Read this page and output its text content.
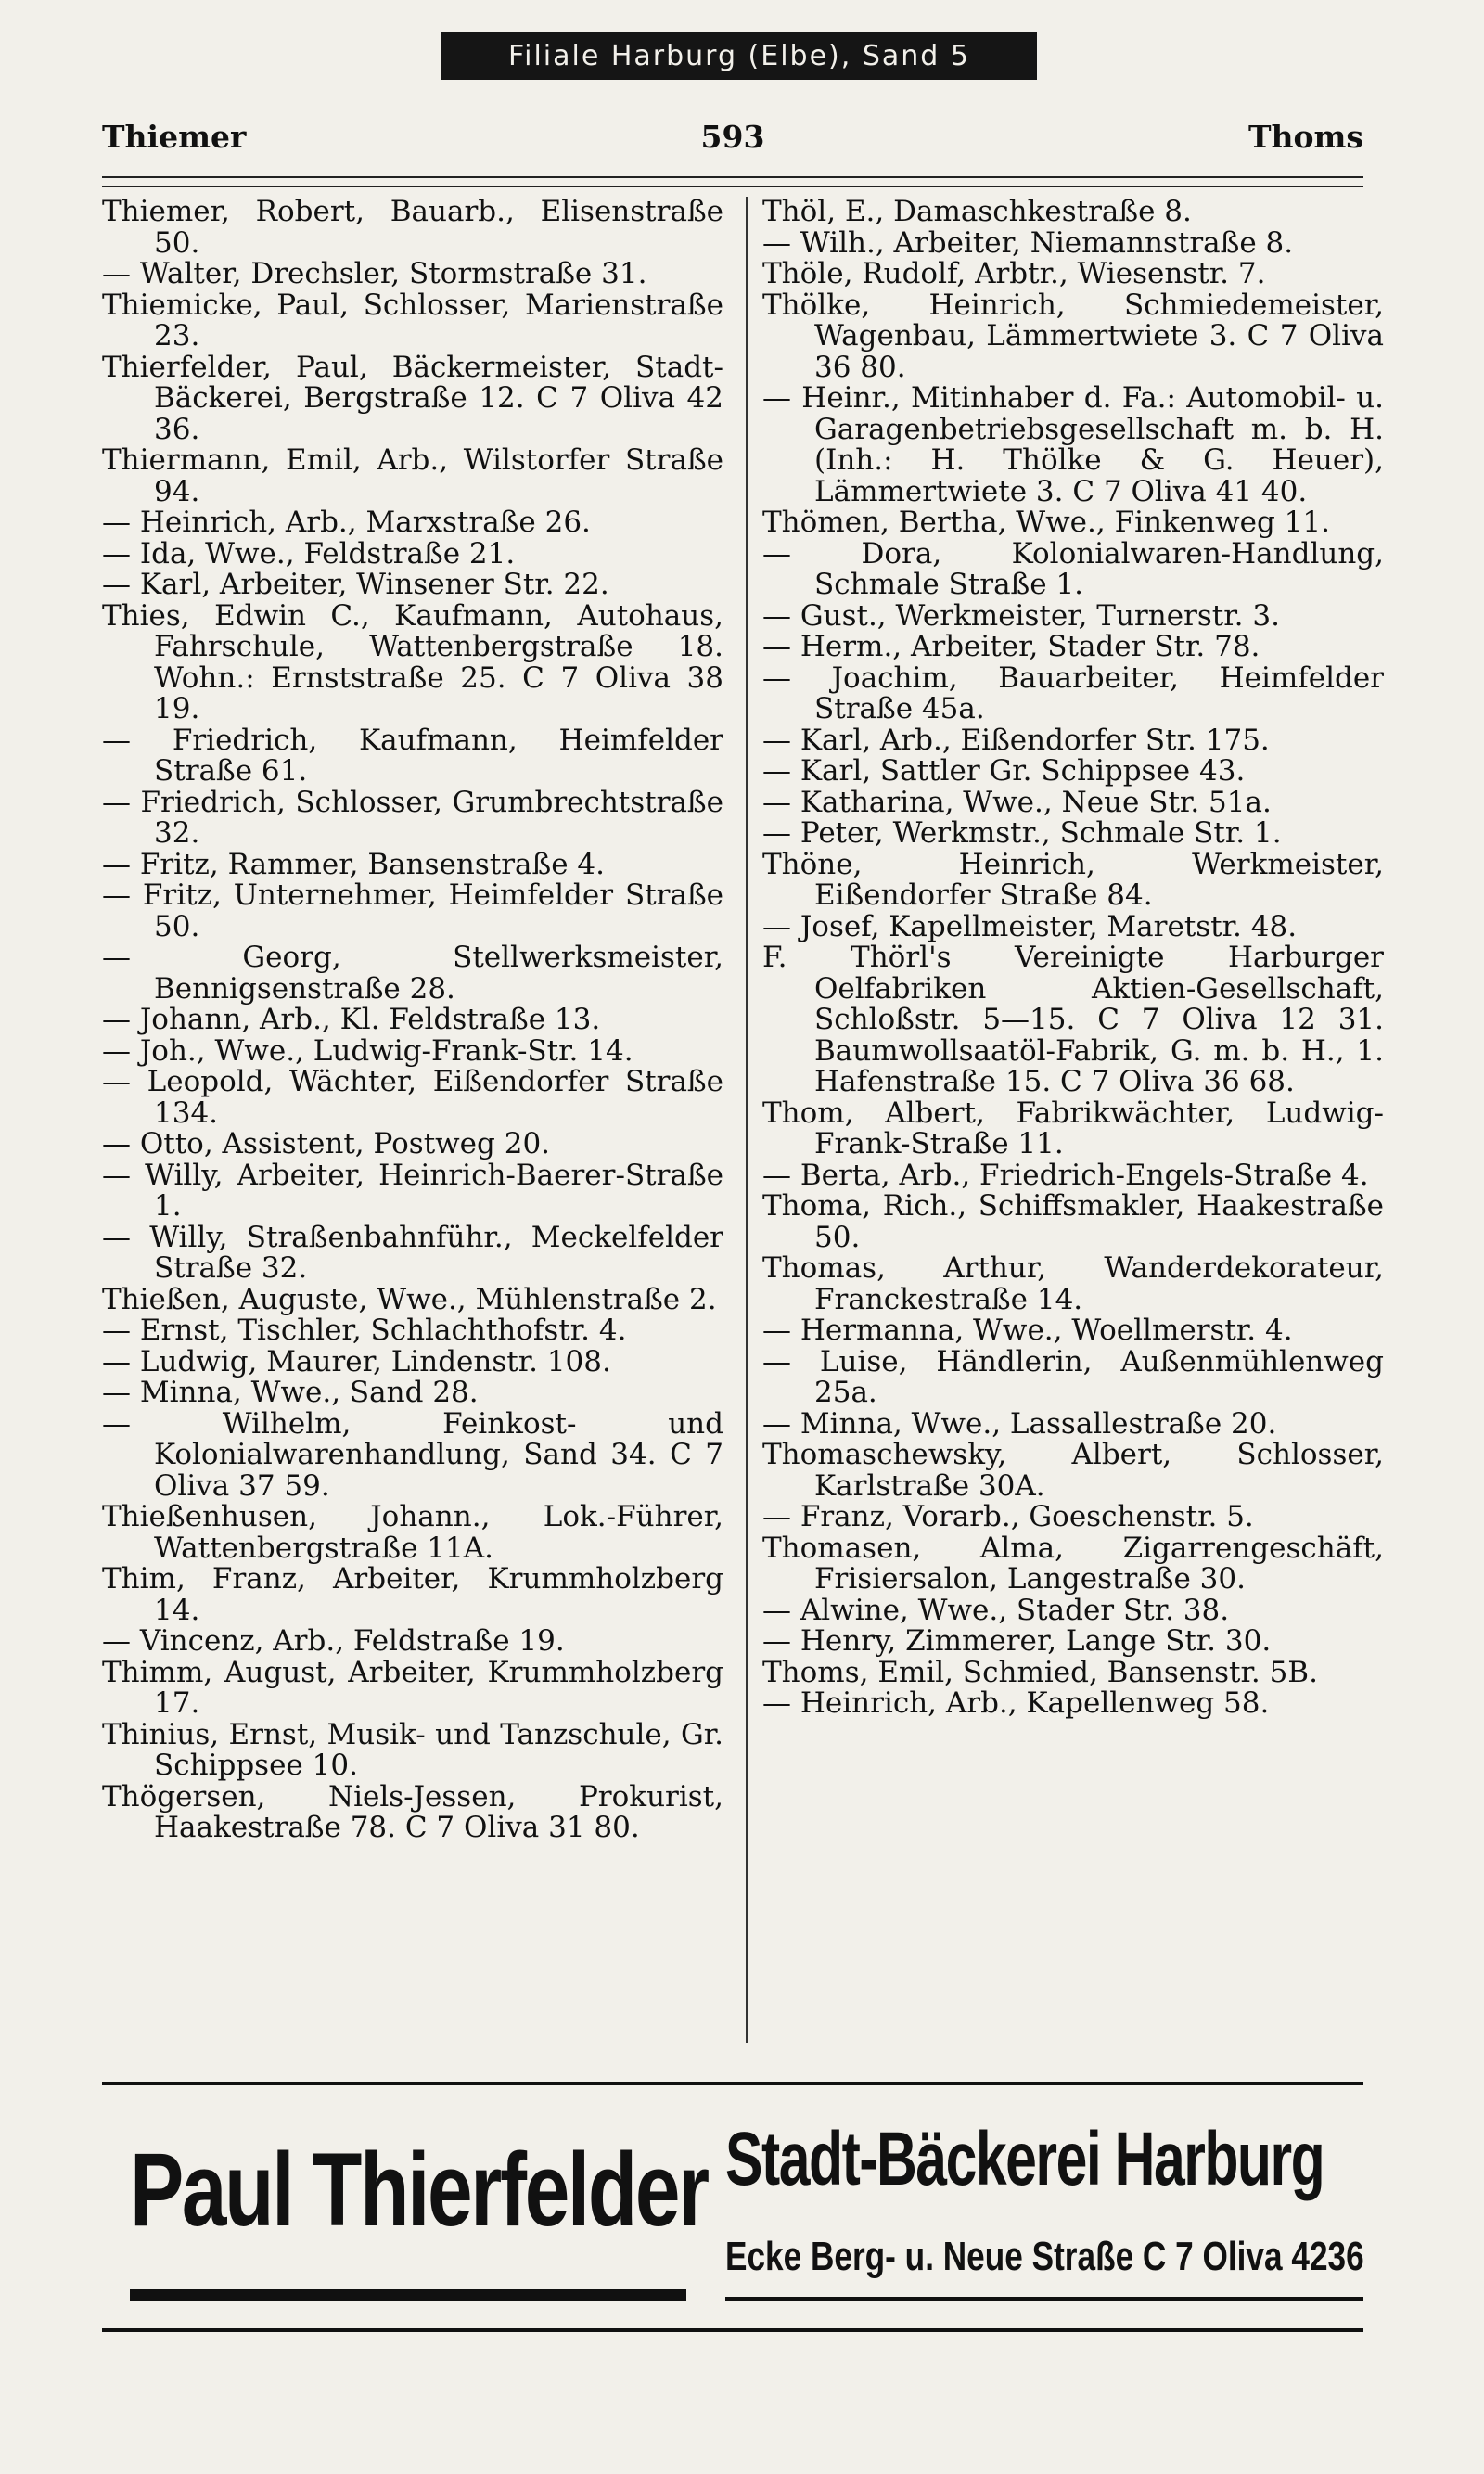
Filiale Harburg (Elbe), Sand 5
Thiemer	593	Thoms

Thiemer, Robert, Bauarb., Elisenstraße 50.

— Walter, Drechsler, Stormstraße 31.

Thiemicke, Paul, Schlosser, Marienstraße 23.

Thierfelder, Paul, Bäckermeister, Stadt-Bäckerei, Bergstraße 12. C 7 Oliva 42 36.

Thiermann, Emil, Arb., Wilstorfer Straße 94.

— Heinrich, Arb., Marxstraße 26.

— Ida, Wwe., Feldstraße 21.

— Karl, Arbeiter, Winsener Str. 22.

Thies, Edwin C., Kaufmann, Autohaus, Fahrschule, Wattenbergstraße 18. Wohn.: Ernststraße 25. C 7 Oliva 38 19.

— Friedrich, Kaufmann, Heimfelder Straße 61.

— Friedrich, Schlosser, Grumbrechtstraße 32.

— Fritz, Rammer, Bansenstraße 4.

— Fritz, Unternehmer, Heimfelder Straße 50.

— Georg, Stellwerksmeister, Bennigsenstraße 28.

— Johann, Arb., Kl. Feldstraße 13.

— Joh., Wwe., Ludwig-Frank-Str. 14.

— Leopold, Wächter, Eißendorfer Straße 134.

— Otto, Assistent, Postweg 20.

— Willy, Arbeiter, Heinrich-Baerer-Straße 1.

— Willy, Straßenbahnführ., Meckelfelder Straße 32.

Thießen, Auguste, Wwe., Mühlenstraße 2.

— Ernst, Tischler, Schlachthofstr. 4.

— Ludwig, Maurer, Lindenstr. 108.

— Minna, Wwe., Sand 28.

— Wilhelm, Feinkost- und Kolonialwarenhandlung, Sand 34. C 7 Oliva 37 59.

Thießenhusen, Johann., Lok.-Führer, Wattenbergstraße 11A.

Thim, Franz, Arbeiter, Krummholzberg 14.

— Vincenz, Arb., Feldstraße 19.

Thimm, August, Arbeiter, Krummholzberg 17.

Thinius, Ernst, Musik- und Tanzschule, Gr. Schippsee 10.

Thögersen, Niels-Jessen, Prokurist, Haakestraße 78. C 7 Oliva 31 80.

Thöl, E., Damaschkestraße 8.

— Wilh., Arbeiter, Niemannstraße 8.

Thöle, Rudolf, Arbtr., Wiesenstr. 7.

Thölke, Heinrich, Schmiedemeister, Wagenbau, Lämmertwiete 3. C 7 Oliva 36 80.

— Heinr., Mitinhaber d. Fa.: Automobil- u. Garagenbetriebsgesellschaft m. b. H. (Inh.: H. Thölke & G. Heuer), Lämmertwiete 3. C 7 Oliva 41 40.

Thömen, Bertha, Wwe., Finkenweg 11.

— Dora, Kolonialwaren-Handlung, Schmale Straße 1.

— Gust., Werkmeister, Turnerstr. 3.

— Herm., Arbeiter, Stader Str. 78.

— Joachim, Bauarbeiter, Heimfelder Straße 45a.

— Karl, Arb., Eißendorfer Str. 175.

— Karl, Sattler Gr. Schippsee 43.

— Katharina, Wwe., Neue Str. 51a.

— Peter, Werkmstr., Schmale Str. 1.

Thöne, Heinrich, Werkmeister, Eißendorfer Straße 84.

— Josef, Kapellmeister, Maretstr. 48.

F. Thörl's Vereinigte Harburger Oelfabriken Aktien-Gesellschaft, Schloßstr. 5—15. C 7 Oliva 12 31. Baumwollsaatöl-Fabrik, G. m. b. H., 1. Hafenstraße 15. C 7 Oliva 36 68.

Thom, Albert, Fabrikwächter, Ludwig-Frank-Straße 11.

— Berta, Arb., Friedrich-Engels-Straße 4.

Thoma, Rich., Schiffsmakler, Haakestraße 50.

Thomas, Arthur, Wanderdekorateur, Franckestraße 14.

— Hermanna, Wwe., Woellmerstr. 4.

— Luise, Händlerin, Außenmühlenweg 25a.

— Minna, Wwe., Lassallestraße 20.

Thomaschewsky, Albert, Schlosser, Karlstraße 30A.

— Franz, Vorarb., Goeschenstr. 5.

Thomasen, Alma, Zigarrengeschäft, Frisiersalon, Langestraße 30.

— Alwine, Wwe., Stader Str. 38.

— Henry, Zimmerer, Lange Str. 30.

Thoms, Emil, Schmied, Bansenstr. 5B.

— Heinrich, Arb., Kapellenweg 58.

Paul Thierfelder Stadt-Bäckerei Harburg
Ecke Berg- u. Neue Straße C 7 Oliva 4236
